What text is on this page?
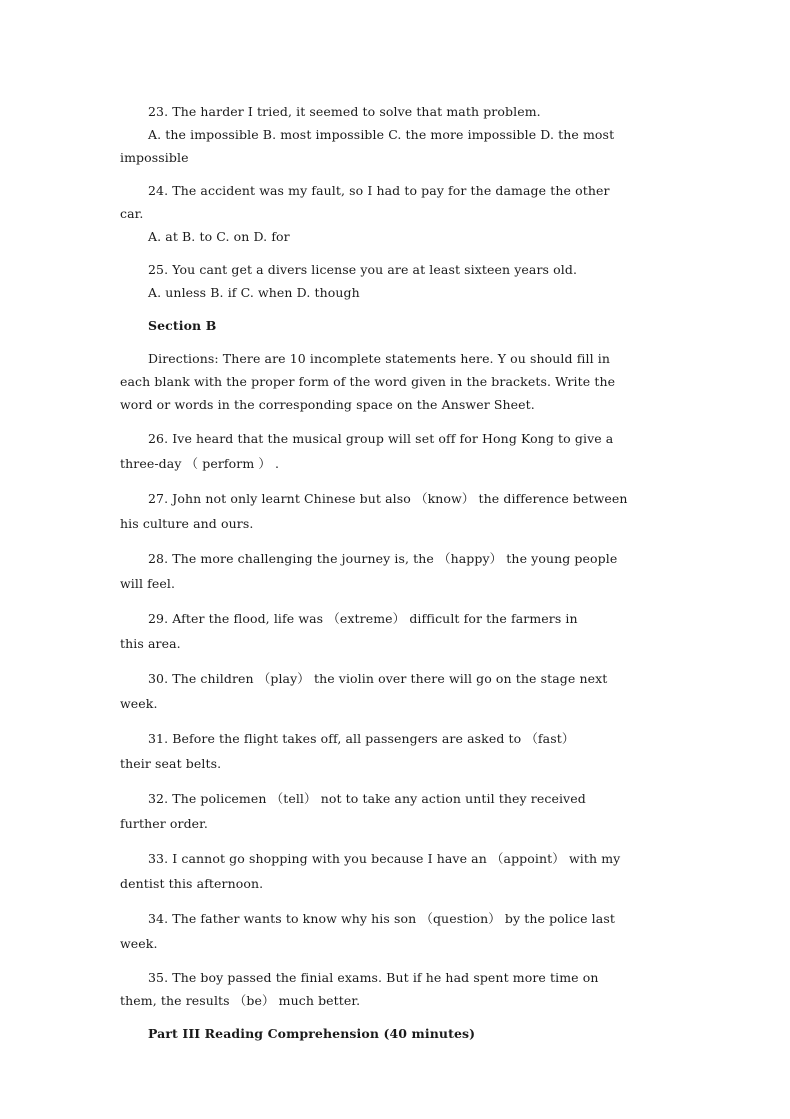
23. The harder I tried, it seemed to solve that math problem.
A. the impossible B. most impossible C. the more impossible D. the most
impossible
24. The accident was my fault, so I had to pay for the damage the other
car.
A. at B. to C. on D. for
25. You cant get a divers license you are at least sixteen years old.
A. unless B. if C. when D. though
Section B
Directions: There are 10 incomplete statements here. Y ou should fill in
each blank with the proper form of the word given in the brackets. Write the
word or words in the corresponding space on the Answer Sheet.
26. Ive heard that the musical group will set off for Hong Kong to give a
three-day （ perform ） .
27. John not only learnt Chinese but also （know） the difference between
his culture and ours.
28. The more challenging the journey is, the （happy） the young people
will feel.
29. After the flood, life was （extreme） difficult for the farmers in
this area.
30. The children （play） the violin over there will go on the stage next
week.
31. Before the flight takes off, all passengers are asked to （fast）
their seat belts.
32. The policemen （tell） not to take any action until they received
further order.
33. I cannot go shopping with you because I have an （appoint） with my
dentist this afternoon.
34. The father wants to know why his son （question） by the police last
week.
35. The boy passed the finial exams. But if he had spent more time on
them, the results （be） much better.
Part III Reading Comprehension (40 minutes)
